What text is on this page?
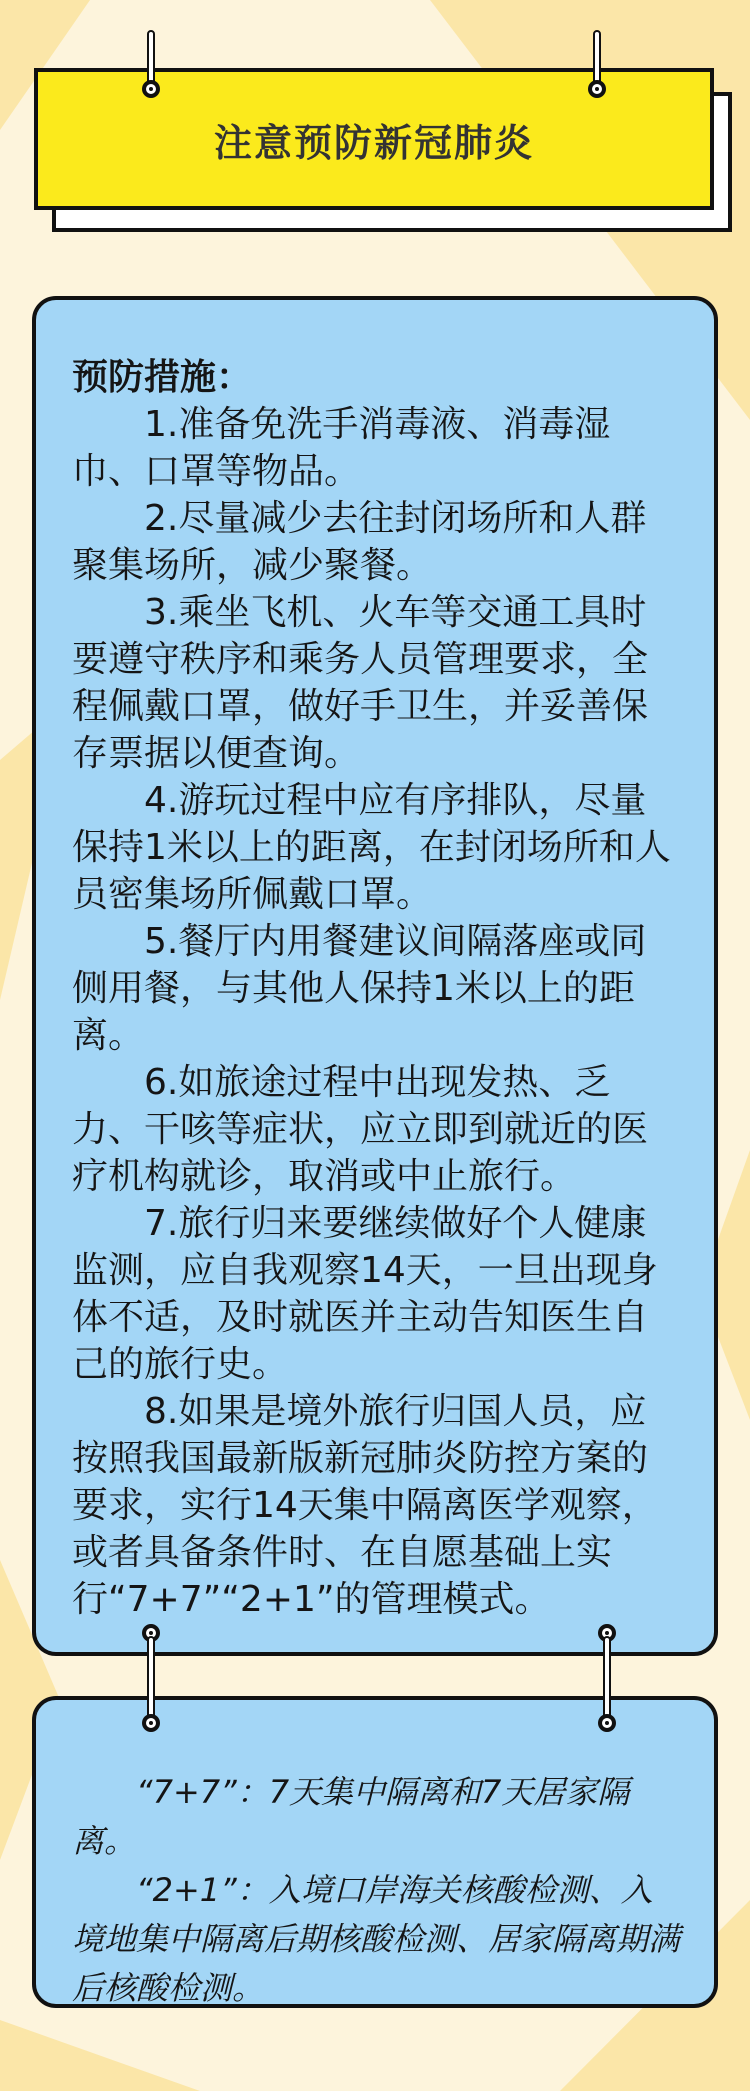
注意预防新冠肺炎

预防措施：

1.准备免洗手消毒液、消毒湿巾、口罩等物品。

2.尽量减少去往封闭场所和人群聚集场所，减少聚餐。

3.乘坐飞机、火车等交通工具时要遵守秩序和乘务人员管理要求，全程佩戴口罩，做好手卫生，并妥善保存票据以便查询。

4.游玩过程中应有序排队，尽量保持1米以上的距离，在封闭场所和人员密集场所佩戴口罩。

5.餐厅内用餐建议间隔落座或同侧用餐，与其他人保持1米以上的距离。

6.如旅途过程中出现发热、乏力、干咳等症状，应立即到就近的医疗机构就诊，取消或中止旅行。

7.旅行归来要继续做好个人健康监测，应自我观察14天，一旦出现身体不适，及时就医并主动告知医生自己的旅行史。

8.如果是境外旅行归国人员，应按照我国最新版新冠肺炎防控方案的要求，实行14天集中隔离医学观察，或者具备条件时、在自愿基础上实行“7+7”“2+1”的管理模式。

“7+7”：7天集中隔离和7天居家隔离。

“2+1”：入境口岸海关核酸检测、入境地集中隔离后期核酸检测、居家隔离期满后核酸检测。
